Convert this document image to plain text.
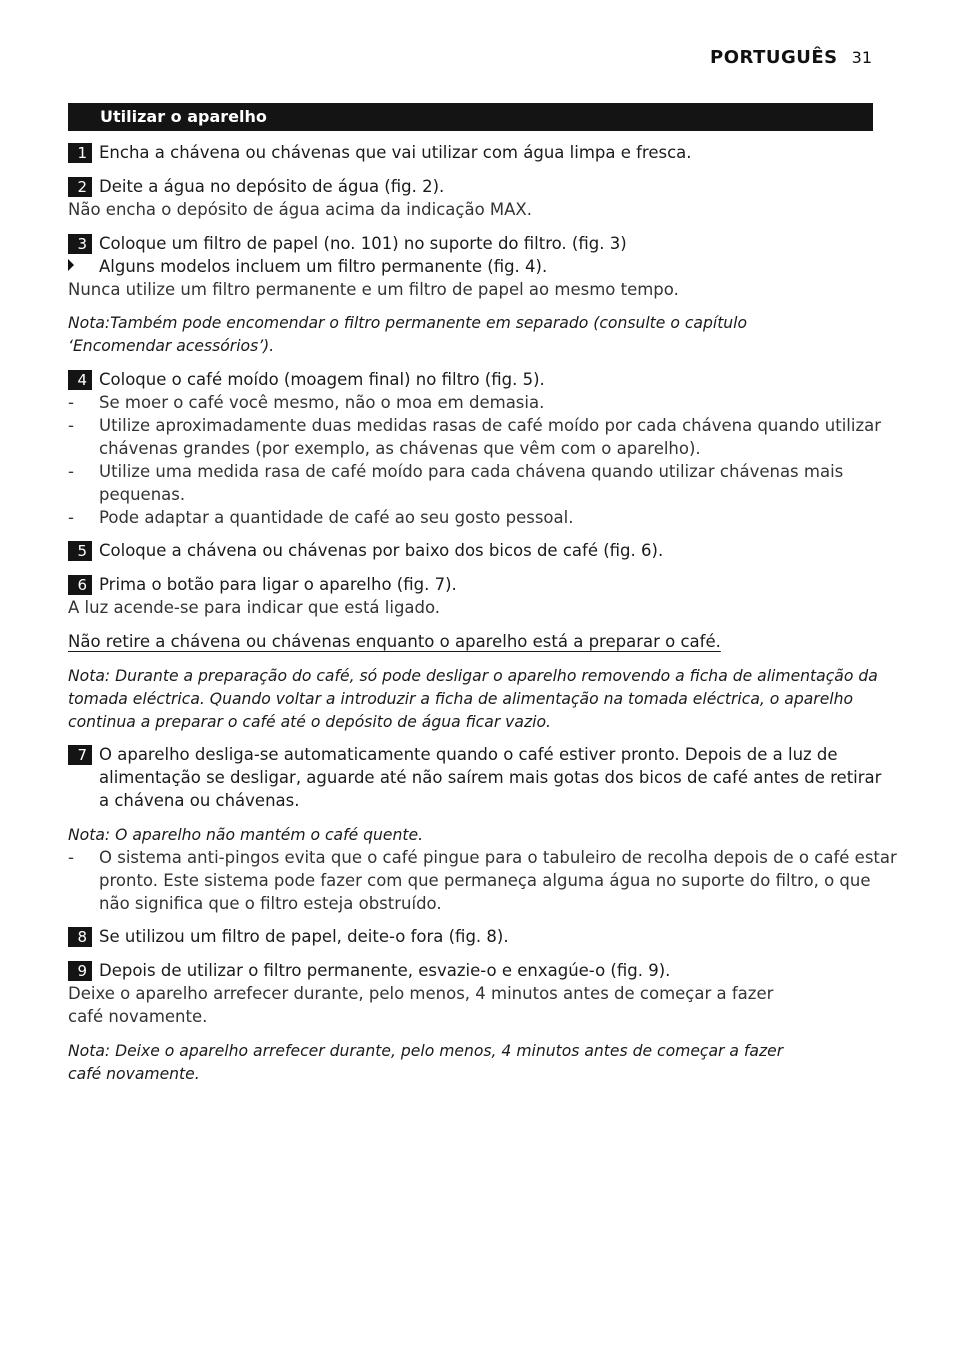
PORTUGUÊS 31
Utilizar o aparelho
1 Encha a chávena ou chávenas que vai utilizar com água limpa e fresca.
2 Deite a água no depósito de água (fig. 2).
Não encha o depósito de água acima da indicação MAX.
3 Coloque um filtro de papel (no. 101) no suporte do filtro. (fig. 3)
Alguns modelos incluem um filtro permanente (fig. 4).
Nunca utilize um filtro permanente e um filtro de papel ao mesmo tempo.
Nota:Também pode encomendar o filtro permanente em separado (consulte o capítulo
‘Encomendar acessórios’).
4 Coloque o café moído (moagem final) no filtro (fig. 5).
- Se moer o café você mesmo, não o moa em demasia.
- Utilize aproximadamente duas medidas rasas de café moído por cada chávena quando utilizar
chávenas grandes (por exemplo, as chávenas que vêm com o aparelho).
- Utilize uma medida rasa de café moído para cada chávena quando utilizar chávenas mais
pequenas.
- Pode adaptar a quantidade de café ao seu gosto pessoal.
5 Coloque a chávena ou chávenas por baixo dos bicos de café (fig. 6).
6 Prima o botão para ligar o aparelho (fig. 7).
A luz acende-se para indicar que está ligado.
Não retire a chávena ou chávenas enquanto o aparelho está a preparar o café.
Nota: Durante a preparação do café, só pode desligar o aparelho removendo a ficha de alimentação da
tomada eléctrica. Quando voltar a introduzir a ficha de alimentação na tomada eléctrica, o aparelho
continua a preparar o café até o depósito de água ficar vazio.
7 O aparelho desliga-se automaticamente quando o café estiver pronto. Depois de a luz de
alimentação se desligar, aguarde até não saírem mais gotas dos bicos de café antes de retirar
a chávena ou chávenas.
Nota: O aparelho não mantém o café quente.
- O sistema anti-pingos evita que o café pingue para o tabuleiro de recolha depois de o café estar
pronto. Este sistema pode fazer com que permaneça alguma água no suporte do filtro, o que
não significa que o filtro esteja obstruído.
8 Se utilizou um filtro de papel, deite-o fora (fig. 8).
9 Depois de utilizar o filtro permanente, esvazie-o e enxagúe-o (fig. 9).
Deixe o aparelho arrefecer durante, pelo menos, 4 minutos antes de começar a fazer
café novamente.
Nota: Deixe o aparelho arrefecer durante, pelo menos, 4 minutos antes de começar a fazer
café novamente.
